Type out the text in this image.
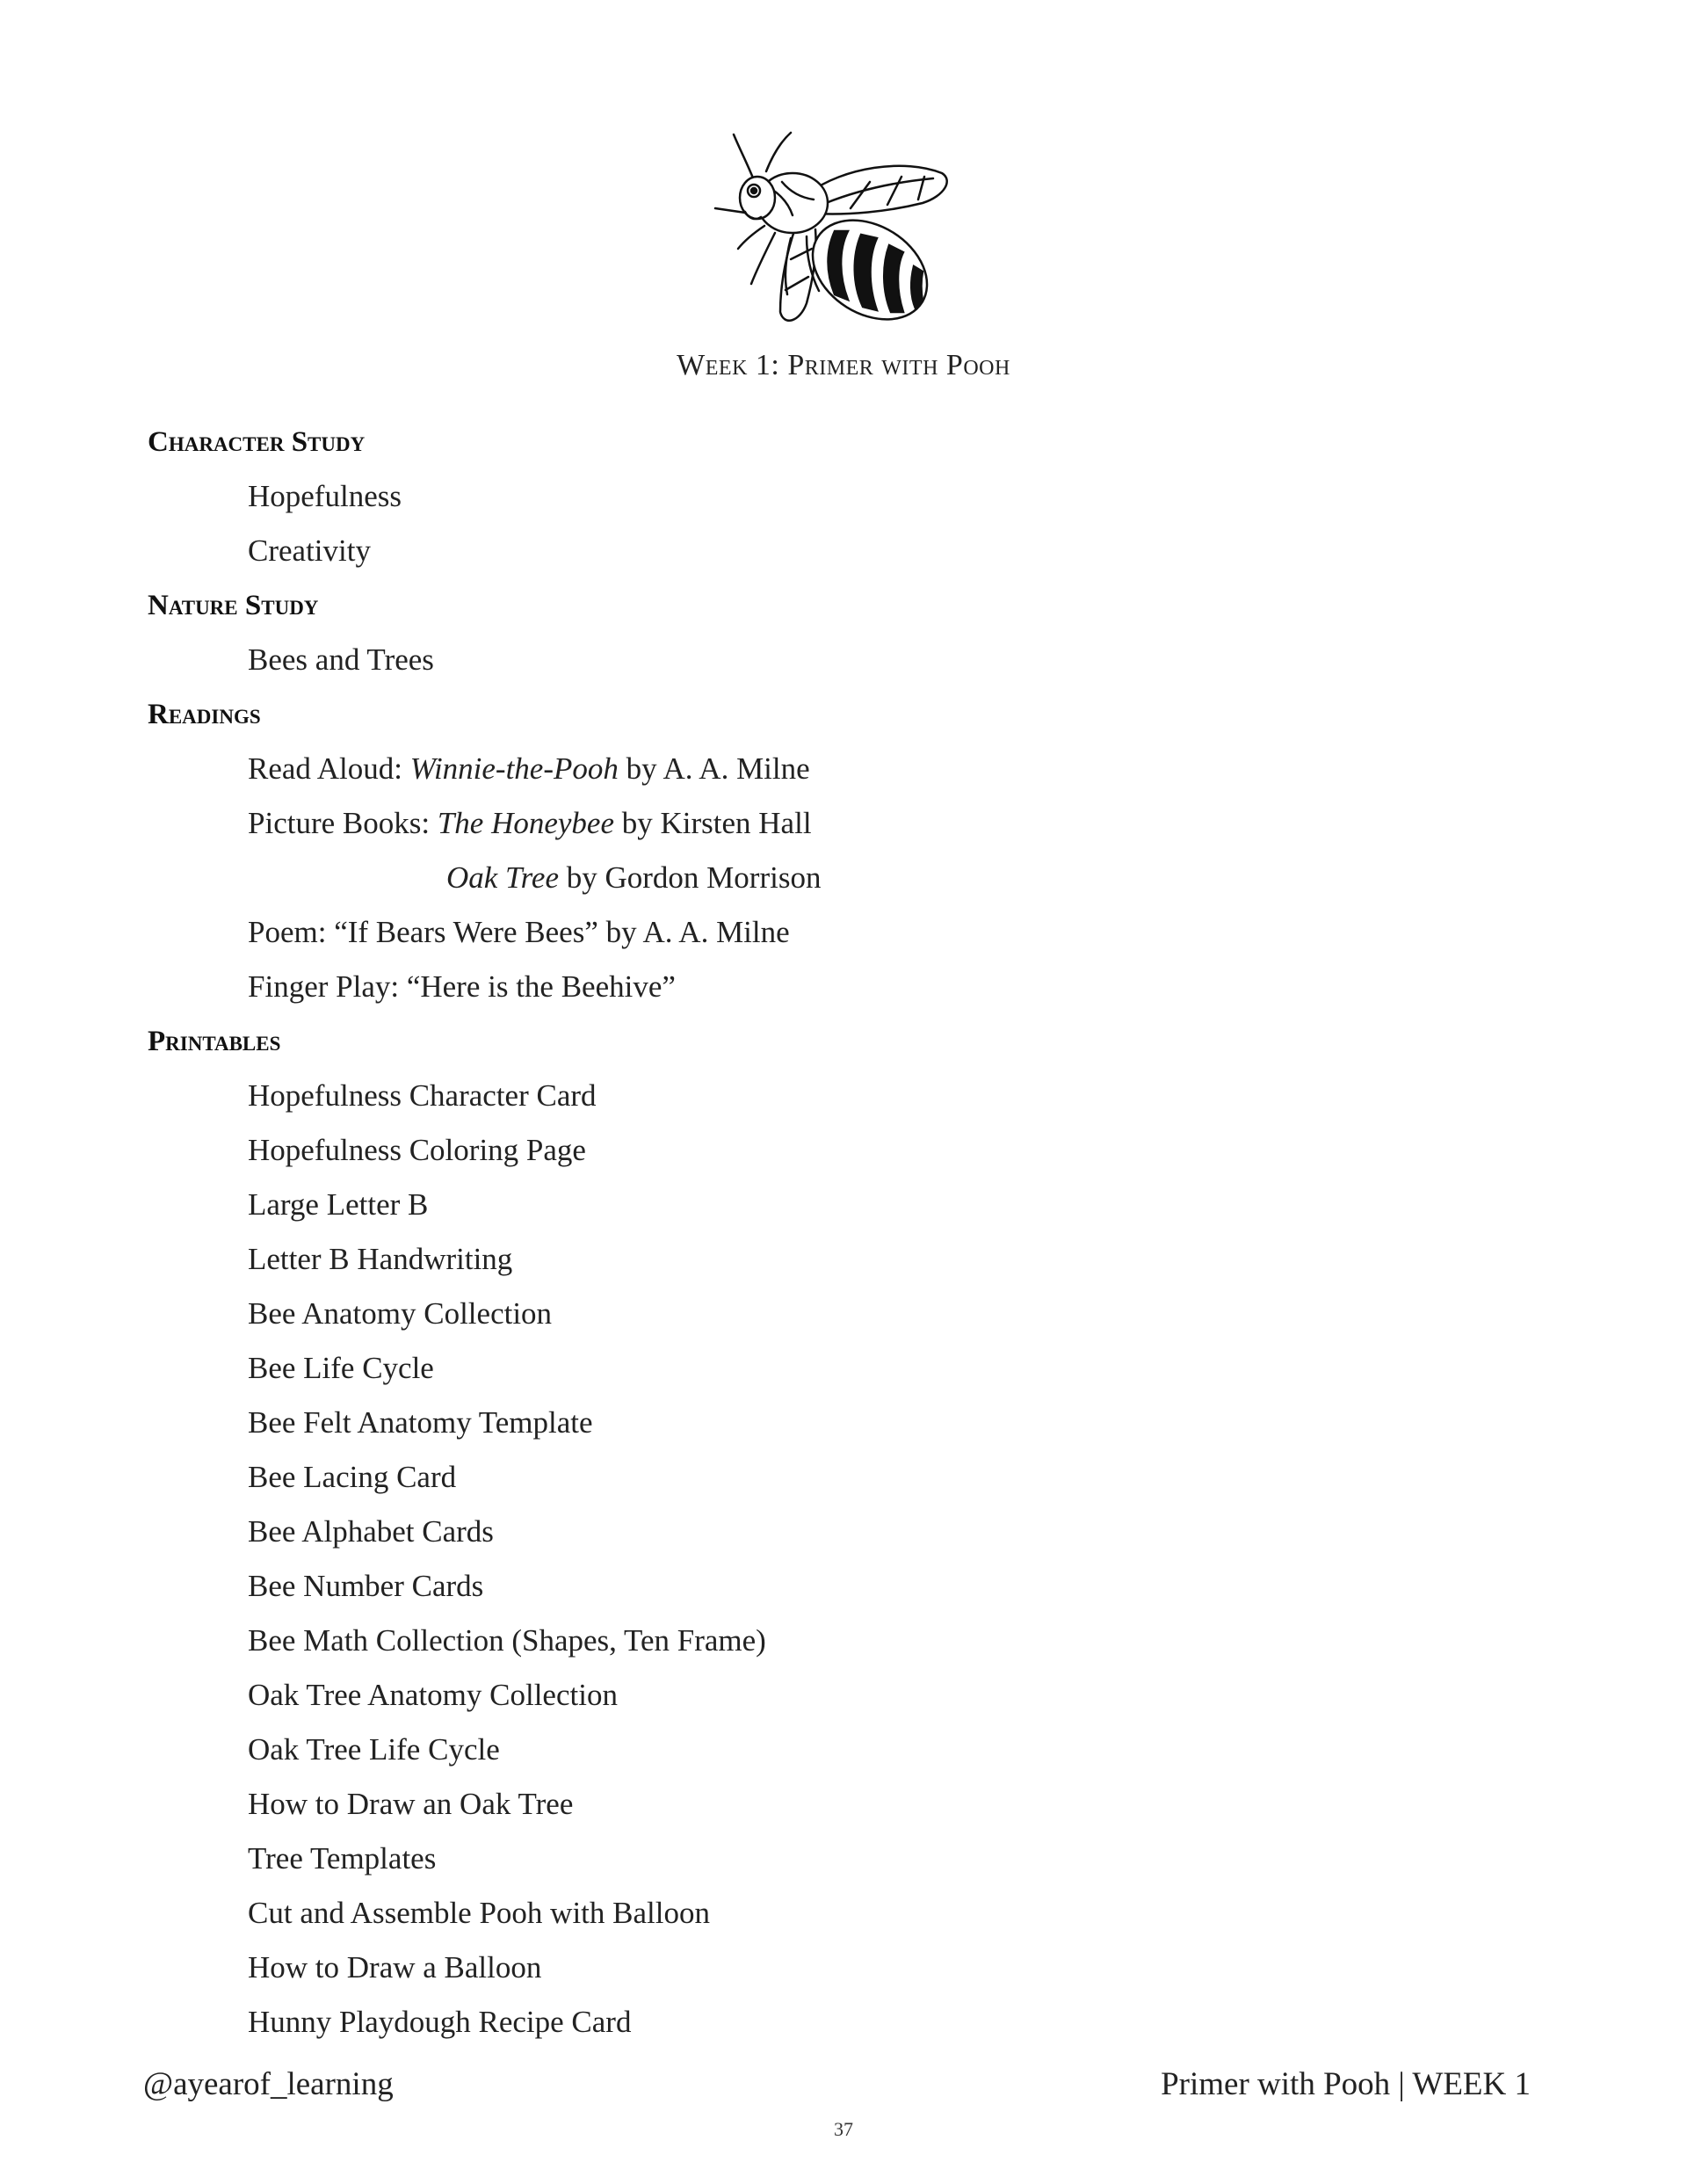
Week 1: Primer with Pooh
Character Study
Hopefulness
Creativity
Nature Study
Bees and Trees
Readings
Read Aloud: Winnie-the-Pooh by A. A. Milne
Picture Books: The Honeybee by Kirsten Hall
Oak Tree by Gordon Morrison
Poem: “If Bears Were Bees” by A. A. Milne
Finger Play: “Here is the Beehive”
Printables
Hopefulness Character Card
Hopefulness Coloring Page
Large Letter B
Letter B Handwriting
Bee Anatomy Collection
Bee Life Cycle
Bee Felt Anatomy Template
Bee Lacing Card
Bee Alphabet Cards
Bee Number Cards
Bee Math Collection (Shapes, Ten Frame)
Oak Tree Anatomy Collection
Oak Tree Life Cycle
How to Draw an Oak Tree
Tree Templates
Cut and Assemble Pooh with Balloon
How to Draw a Balloon
Hunny Playdough Recipe Card
@ayearof_learning
37
Primer with Pooh | WEEK 1
